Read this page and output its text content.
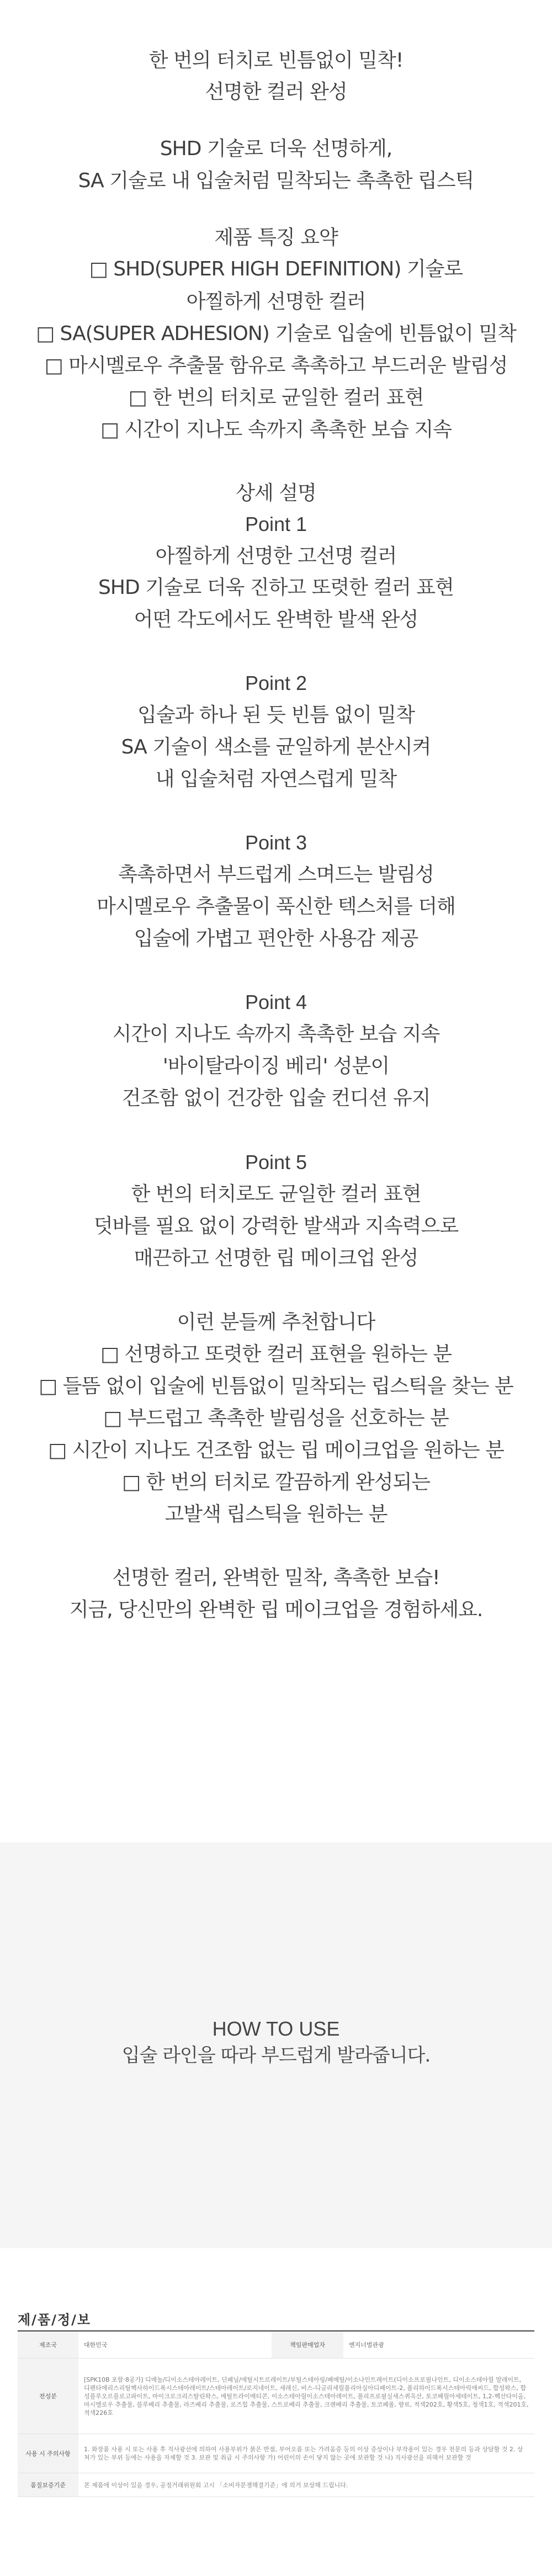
한 번의 터치로 빈틈없이 밀착!
선명한 컬러 완성
SHD 기술로 더욱 선명하게,
SA 기술로 내 입술처럼 밀착되는 촉촉한 립스틱
제품 특징 요약
□ SHD(SUPER HIGH DEFINITION) 기술로
아찔하게 선명한 컬러
□ SA(SUPER ADHESION) 기술로 입술에 빈틈없이 밀착
□ 마시멜로우 추출물 함유로 촉촉하고 부드러운 발림성
□ 한 번의 터치로 균일한 컬러 표현
□ 시간이 지나도 속까지 촉촉한 보습 지속
상세 설명
Point 1
아찔하게 선명한 고선명 컬러
SHD 기술로 더욱 진하고 또렷한 컬러 표현
어떤 각도에서도 완벽한 발색 완성
Point 2
입술과 하나 된 듯 빈틈 없이 밀착
SA 기술이 색소를 균일하게 분산시켜
내 입술처럼 자연스럽게 밀착
Point 3
촉촉하면서 부드럽게 스며드는 발림성
마시멜로우 추출물이 푹신한 텍스처를 더해
입술에 가볍고 편안한 사용감 제공
Point 4
시간이 지나도 속까지 촉촉한 보습 지속
'바이탈라이징 베리' 성분이
건조함 없이 건강한 입술 컨디션 유지
Point 5
한 번의 터치로도 균일한 컬러 표현
덧바를 필요 없이 강력한 발색과 지속력으로
매끈하고 선명한 립 메이크업 완성
이런 분들께 추천합니다
□ 선명하고 또렷한 컬러 표현을 원하는 분
□ 들뜸 없이 입술에 빈틈없이 밀착되는 립스틱을 찾는 분
□ 부드럽고 촉촉한 발림성을 선호하는 분
□ 시간이 지나도 건조함 없는 립 메이크업을 원하는 분
□ 한 번의 터치로 깔끔하게 완성되는
고발색 립스틱을 원하는 분
선명한 컬러, 완벽한 밀착, 촉촉한 보습!
지금, 당신만의 완벽한 립 메이크업을 경험하세요.
HOW TO USE
입술 라인을 따라 부드럽게 발라줍니다.
제/품/정/보
제조국	대한민국	책임판매업자	엔지너벌관광
전성분	[SPK10B 포함·8공가] 디메놀/디이소스테아레이트, 딘페닐/에틸시트르레이트/부틸스테아링/페메틸/이소나인트레이트(디이소프로필나인트, 디이소스테아릴 말레이트, 디펜타에리스리틸헥사하이드록시스테아레이트/스테아레이트/로지네이트, 세레신, 비스-디글리세릴폴리아실아디페이트-2, 폴리하이드록시스테아릭애씨드, 합성왁스, 합성플루오르플로고파이트, 마이크로크리스탈린왁스, 메틸트라이메티콘, 이소스테아릴이소스테아레이트, 폴리프로필실세스퀴옥산, 토코페릴아세테이트, 1,2-헥산다이올, 마시멜로우 추출물, 블루베리 추출물, 라즈베리 추출물, 로즈힙 추출물, 스트로베리 추출물, 크랜베리 추출물, 토코페롤, 향료, 적색202호, 황색5호, 청색1호, 적색201호, 적색226호		
사용 시 주의사항	1. 화장품 사용 시 또는 사용 후 직사광선에 의하여 사용부위가 붉은 반점, 부어오름 또는 가려움증 등의 이상 증상이나 부작용이 있는 경우 전문의 등과 상담할 것 2. 상처가 있는 부위 등에는 사용을 자제할 것 3. 보관 및 취급 시 주의사항 가) 어린이의 손이 닿지 않는 곳에 보관할 것 나) 직사광선을 피해서 보관할 것		
품질보증기준	본 제품에 이상이 있을 경우, 공정거래위원회 고시 「소비자분쟁해결기준」에 의거 보상해 드립니다.		
